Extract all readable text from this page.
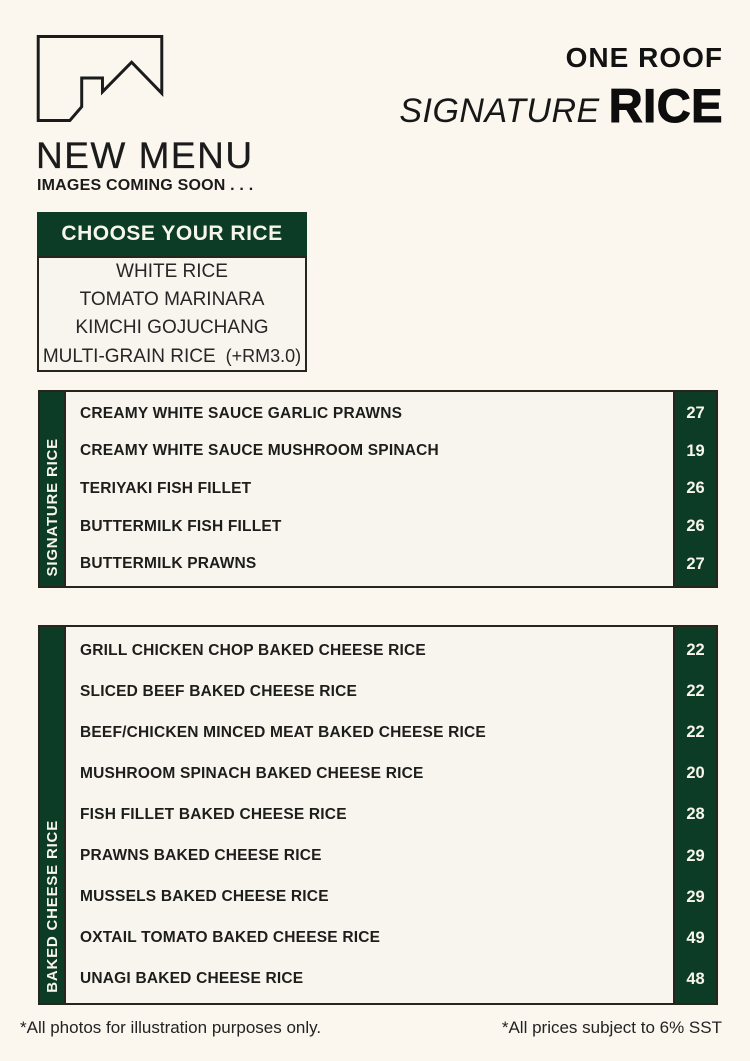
NEW MENU
IMAGES COMING SOON . . .
ONE ROOF
SIGNATURE RICE
CHOOSE YOUR RICE
WHITE RICE
TOMATO MARINARA
KIMCHI GOJUCHANG
MULTI-GRAIN RICE (+RM3.0)
SIGNATURE RICE
CREAMY WHITE SAUCE GARLIC PRAWNS
CREAMY WHITE SAUCE MUSHROOM SPINACH
TERIYAKI FISH FILLET
BUTTERMILK FISH FILLET
BUTTERMILK PRAWNS
27
19
26
26
27
BAKED CHEESE RICE
GRILL CHICKEN CHOP BAKED CHEESE RICE
SLICED BEEF BAKED CHEESE RICE
BEEF/CHICKEN MINCED MEAT BAKED CHEESE RICE
MUSHROOM SPINACH BAKED CHEESE RICE
FISH FILLET BAKED CHEESE RICE
PRAWNS BAKED CHEESE RICE
MUSSELS BAKED CHEESE RICE
OXTAIL TOMATO BAKED CHEESE RICE
UNAGI BAKED CHEESE RICE
22
22
22
20
28
29
29
49
48
*All photos for illustration purposes only.	*All prices subject to 6% SST
